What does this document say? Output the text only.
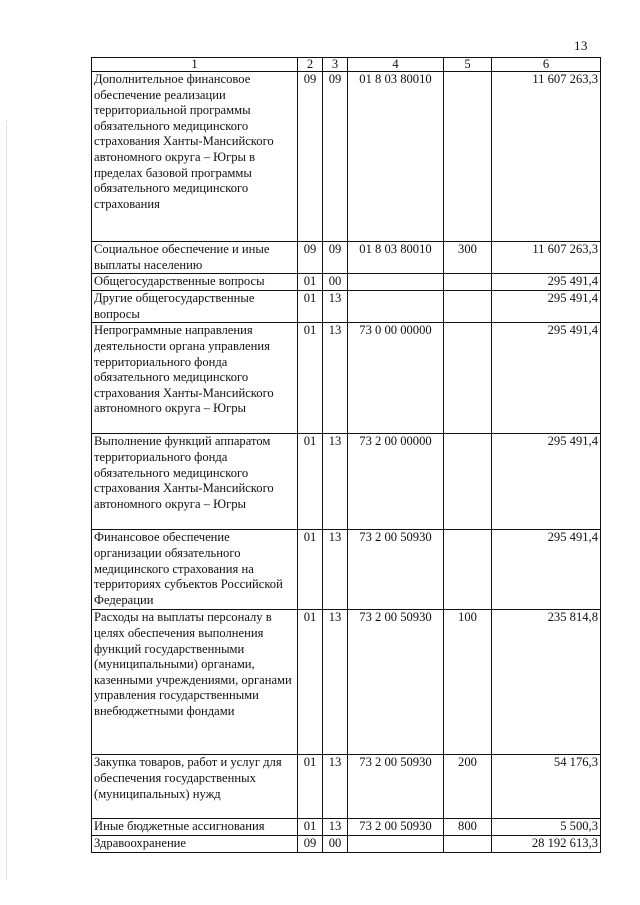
13
1	2	3	4	5	6
Дополнительное финансовое обеспечение реализации территориальной программы обязательного медицинского страхования Ханты-Мансийского автономного округа – Югры в пределах базовой программы обязательного медицинского страхования	09	09	01 8 03 80010		11 607 263,3
Социальное обеспечение и иные выплаты населению	09	09	01 8 03 80010	300	11 607 263,3
Общегосударственные вопросы	01	00			295 491,4
Другие общегосударственные вопросы	01	13			295 491,4
Непрограммные направления деятельности органа управления территориального фонда обязательного медицинского страхования Ханты-Мансийского автономного округа – Югры	01	13	73 0 00 00000		295 491,4
Выполнение функций аппаратом территориального фонда обязательного медицинского страхования Ханты-Мансийского автономного округа – Югры	01	13	73 2 00 00000		295 491,4
Финансовое обеспечение организации обязательного медицинского страхования на территориях субъектов Российской Федерации	01	13	73 2 00 50930		295 491,4
Расходы на выплаты персоналу в целях обеспечения выполнения функций государственными (муниципальными) органами, казенными учреждениями, органами управления государственными внебюджетными фондами	01	13	73 2 00 50930	100	235 814,8
Закупка товаров, работ и услуг для обеспечения государственных (муниципальных) нужд	01	13	73 2 00 50930	200	54 176,3
Иные бюджетные ассигнования	01	13	73 2 00 50930	800	5 500,3
Здравоохранение	09	00			28 192 613,3
